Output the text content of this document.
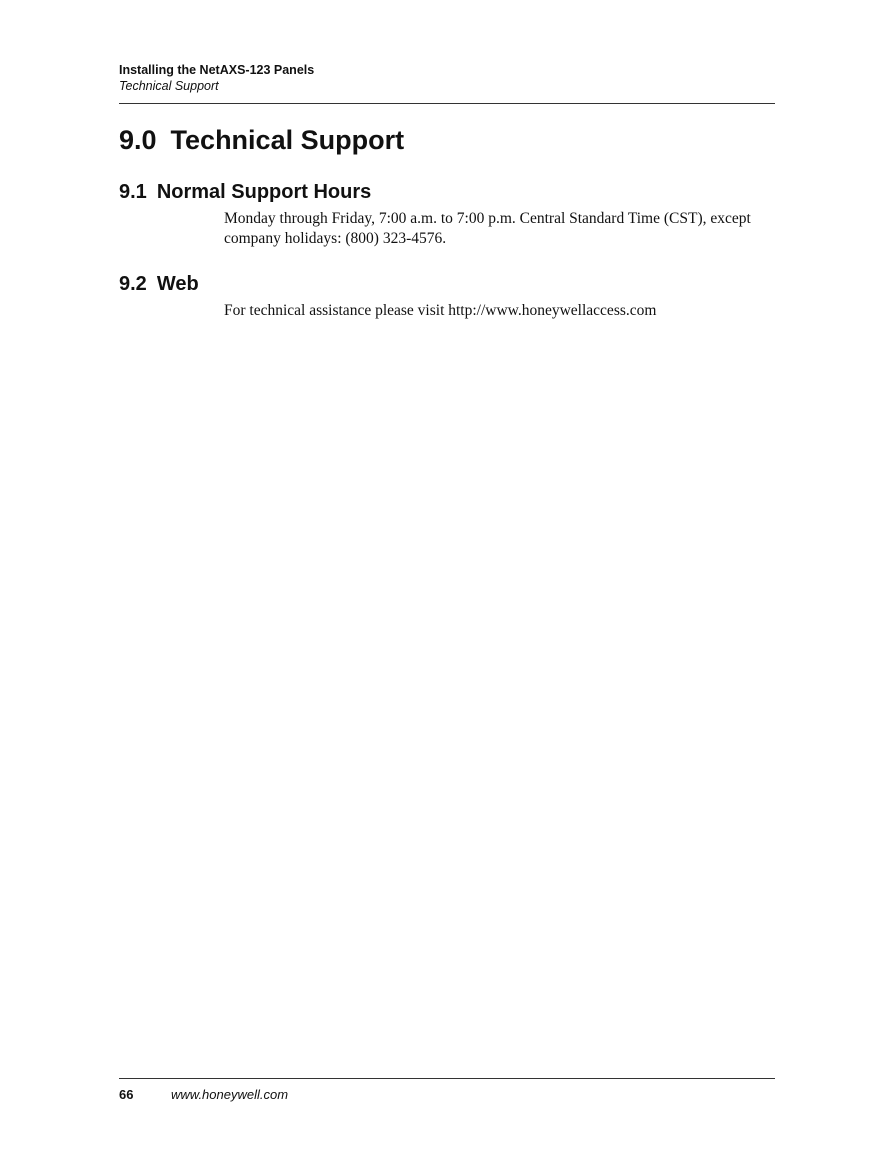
Installing the NetAXS-123 Panels
Technical Support
9.0 Technical Support
9.1 Normal Support Hours

Monday through Friday, 7:00 a.m. to 7:00 p.m. Central Standard Time (CST), except company holidays: (800) 323-4576.

9.2 Web

For technical assistance please visit http://www.honeywellaccess.com

66	www.honeywell.com
